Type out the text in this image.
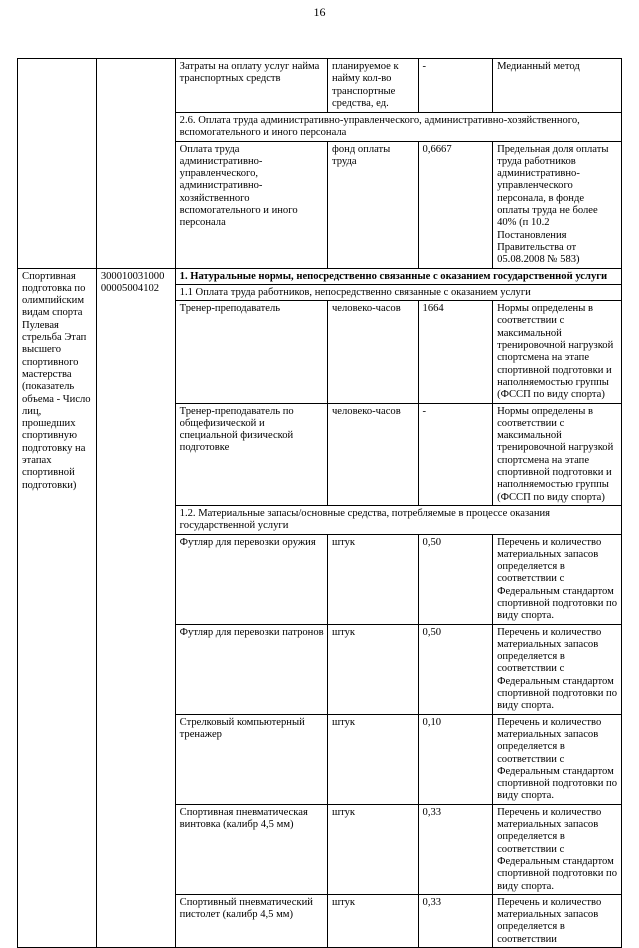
16
		Затраты на оплату услуг найма транспортных средств	планируемое к найму кол-во транспортные средства, ед.	-	Медианный метод
		2.6. Оплата труда административно-управленческого, административно-хозяйственного, вспомогательного и иного персонала			
		Оплата труда административно-управленческого, административно-хозяйственного вспомогательного и иного персонала	фонд оплаты труда	0,6667	Предельная доля оплаты труда работников административно-управленческого персонала, в фонде оплаты труда не более 40% (п 10.2 Постановления Правительства от 05.08.2008 № 583)
Спортивная подготовка по олимпийским видам спорта Пулевая стрельба Этап высшего спортивного мастерства (показатель объема - Число лиц, прошедших спортивную подготовку на этапах спортивной подготовки)	300010031000 00005004102	1. Натуральные нормы, непосредственно связанные с оказанием государственной услуги			
		1.1 Оплата труда работников, непосредственно связанные с оказанием услуги			
		Тренер-преподаватель	человеко-часов	1664	Нормы определены в соответствии с максимальной тренировочной нагрузкой спортсмена на этапе спортивной подготовки и наполняемостью группы (ФССП по виду спорта)
		Тренер-преподаватель по общефизической и специальной физической подготовке	человеко-часов	-	Нормы определены в соответствии с максимальной тренировочной нагрузкой спортсмена на этапе спортивной подготовки и наполняемостью группы (ФССП по виду спорта)
		1.2. Материальные запасы/основные средства, потребляемые в процессе оказания государственной услуги			
		Футляр для перевозки оружия	штук	0,50	Перечень и количество материальных запасов определяется в соответствии с Федеральным стандартом спортивной подготовки по виду спорта.
		Футляр для перевозки патронов	штук	0,50	Перечень и количество материальных запасов определяется в соответствии с Федеральным стандартом спортивной подготовки по виду спорта.
		Стрелковый компьютерный тренажер	штук	0,10	Перечень и количество материальных запасов определяется в соответствии с Федеральным стандартом спортивной подготовки по виду спорта.
		Спортивная пневматическая винтовка (калибр 4,5 мм)	штук	0,33	Перечень и количество материальных запасов определяется в соответствии с Федеральным стандартом спортивной подготовки по виду спорта.
		Спортивный пневматический пистолет (калибр 4,5 мм)	штук	0,33	Перечень и количество материальных запасов определяется в соответствии
